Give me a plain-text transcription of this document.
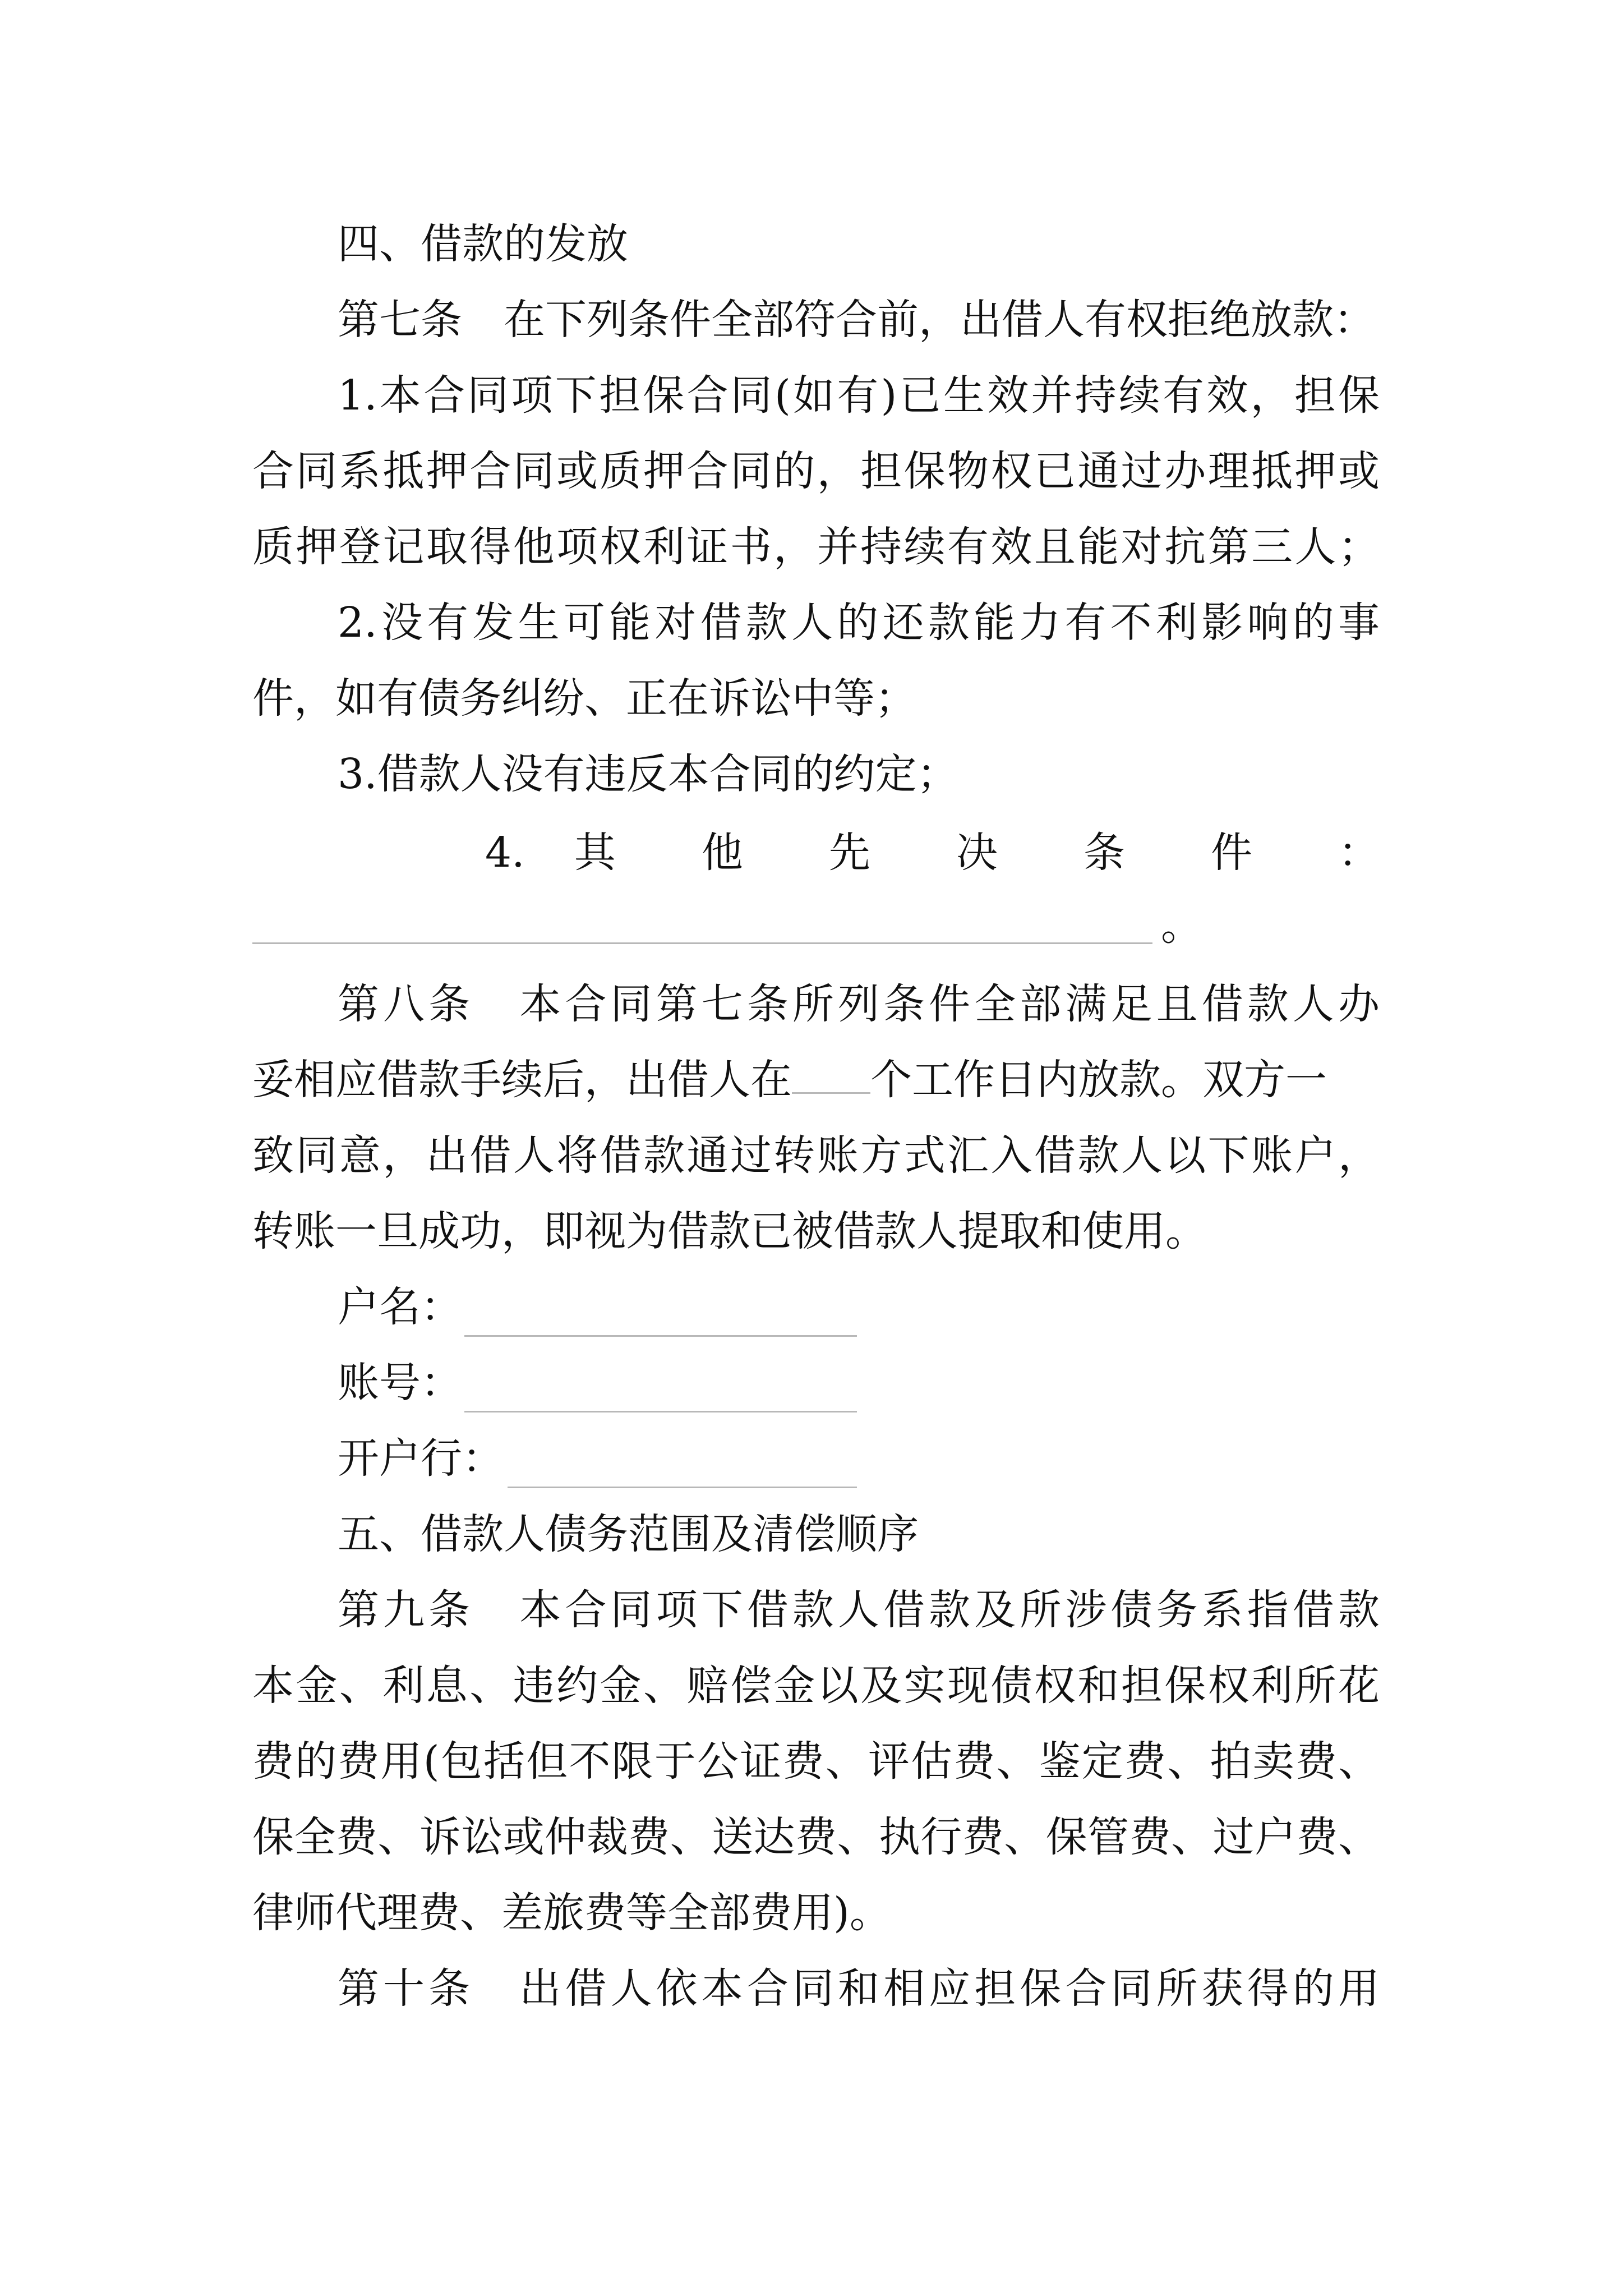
四、借款的发放
第七条　在下列条件全部符合前，出借人有权拒绝放款：
1.本合同项下担保合同(如有)已生效并持续有效，担保
合同系抵押合同或质押合同的，担保物权已通过办理抵押或
质押登记取得他项权利证书，并持续有效且能对抗第三人；
2.没有发生可能对借款人的还款能力有不利影响的事
件，如有债务纠纷、正在诉讼中等；
3.借款人没有违反本合同的约定；
4. 其 他 先 决 条 件 ：
。
第八条　本合同第七条所列条件全部满足且借款人办
妥相应借款手续后，出借人在 个工作日内放款。双方一
致同意，出借人将借款通过转账方式汇入借款人以下账户，
转账一旦成功，即视为借款已被借款人提取和使用。
户名：
账号：
开户行：
五、借款人债务范围及清偿顺序
第九条　本合同项下借款人借款及所涉债务系指借款
本金、利息、违约金、赔偿金以及实现债权和担保权利所花
费的费用(包括但不限于公证费、评估费、鉴定费、拍卖费、
保全费、诉讼或仲裁费、送达费、执行费、保管费、过户费、
律师代理费、差旅费等全部费用)。
第十条　出借人依本合同和相应担保合同所获得的用
